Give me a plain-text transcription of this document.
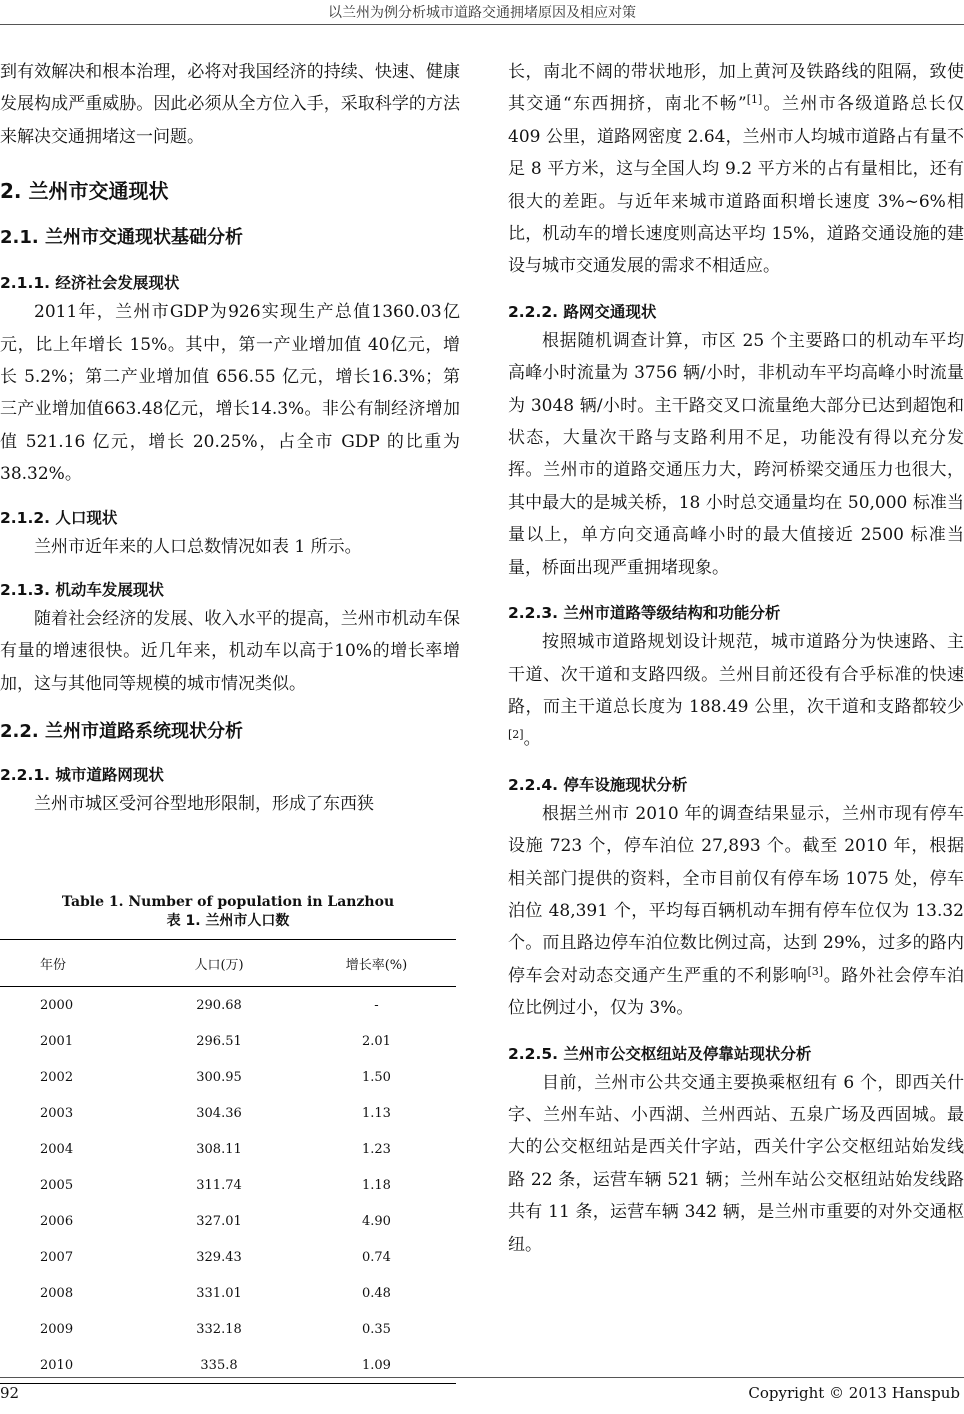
以兰州为例分析城市道路交通拥堵原因及相应对策

到有效解决和根本治理，必将对我国经济的持续、快速、健康发展构成严重威胁。因此必须从全方位入手，采取科学的方法来解决交通拥堵这一问题。

2. 兰州市交通现状
2.1. 兰州市交通现状基础分析
2.1.1. 经济社会发展现状

2011年，兰州市GDP为926实现生产总值1360.03亿元，比上年增长 15%。其中，第一产业增加值 40亿元，增长 5.2%；第二产业增加值 656.55 亿元，增长16.3%；第三产业增加值663.48亿元，增长14.3%。非公有制经济增加值 521.16 亿元，增长 20.25%，占全市 GDP 的比重为 38.32%。

2.1.2. 人口现状

兰州市近年来的人口总数情况如表 1 所示。

2.1.3. 机动车发展现状

随着社会经济的发展、收入水平的提高，兰州市机动车保有量的增速很快。近几年来，机动车以高于10%的增长率增加，这与其他同等规模的城市情况类似。

2.2. 兰州市道路系统现状分析
2.2.1. 城市道路网现状

兰州市城区受河谷型地形限制，形成了东西狭

Table 1. Number of population in Lanzhou
表 1. 兰州市人口数
年份	人口(万)	增长率(%)
2000	290.68	-
2001	296.51	2.01
2002	300.95	1.50
2003	304.36	1.13
2004	308.11	1.23
2005	311.74	1.18
2006	327.01	4.90
2007	329.43	0.74
2008	331.01	0.48
2009	332.18	0.35
2010	335.8	1.09

长，南北不阔的带状地形，加上黄河及铁路线的阻隔，致使其交通“东西拥挤，南北不畅”[1]。兰州市各级道路总长仅 409 公里，道路网密度 2.64，兰州市人均城市道路占有量不足 8 平方米，这与全国人均 9.2 平方米的占有量相比，还有很大的差距。与近年来城市道路面积增长速度 3%~6%相比，机动车的增长速度则高达平均 15%，道路交通设施的建设与城市交通发展的需求不相适应。

2.2.2. 路网交通现状

根据随机调查计算，市区 25 个主要路口的机动车平均高峰小时流量为 3756 辆/小时，非机动车平均高峰小时流量为 3048 辆/小时。主干路交叉口流量绝大部分已达到超饱和状态，大量次干路与支路利用不足，功能没有得以充分发挥。兰州市的道路交通压力大，跨河桥梁交通压力也很大，其中最大的是城关桥，18 小时总交通量均在 50,000 标准当量以上，单方向交通高峰小时的最大值接近 2500 标准当量，桥面出现严重拥堵现象。

2.2.3. 兰州市道路等级结构和功能分析

按照城市道路规划设计规范，城市道路分为快速路、主干道、次干道和支路四级。兰州目前还役有合乎标准的快速路，而主干道总长度为 188.49 公里，次干道和支路都较少[2]。

2.2.4. 停车设施现状分析

根据兰州市 2010 年的调查结果显示，兰州市现有停车设施 723 个，停车泊位 27,893 个。截至 2010 年，根据相关部门提供的资料，全市目前仅有停车场 1075 处，停车泊位 48,391 个，平均每百辆机动车拥有停车位仅为 13.32 个。而且路边停车泊位数比例过高，达到 29%，过多的路内停车会对动态交通产生严重的不利影响[3]。路外社会停车泊位比例过小，仅为 3%。

2.2.5. 兰州市公交枢纽站及停靠站现状分析

目前，兰州市公共交通主要换乘枢纽有 6 个，即西关什字、兰州车站、小西湖、兰州西站、五泉广场及西固城。最大的公交枢纽站是西关什字站，西关什字公交枢纽站始发线路 22 条，运营车辆 521 辆；兰州车站公交枢纽站始发线路共有 11 条，运营车辆 342 辆，是兰州市重要的对外交通枢纽。

92	Copyright © 2013 Hanspub
